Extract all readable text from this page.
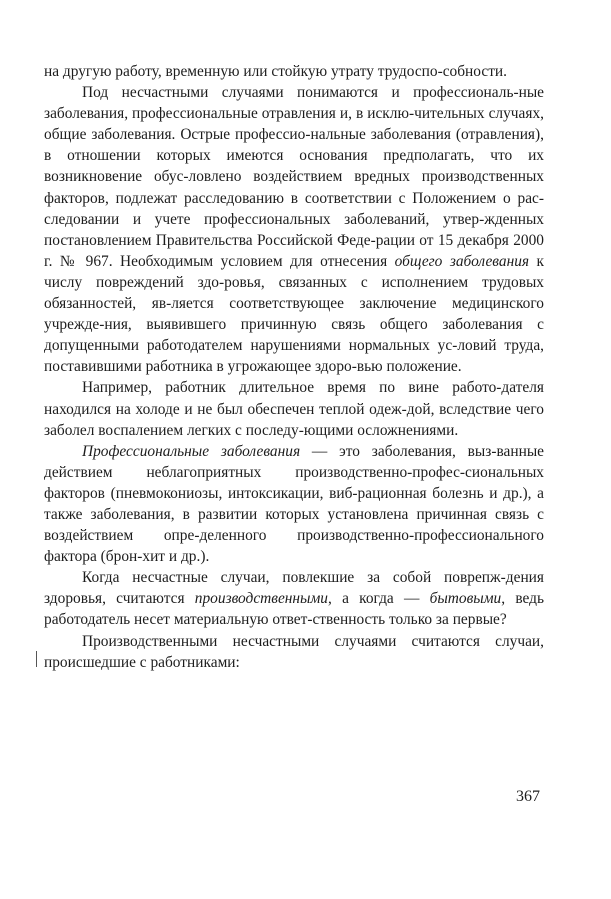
на другую работу, временную или стойкую утрату трудоспо-собности.

Под несчастными случаями понимаются и профессиональ-ные заболевания, профессиональные отравления и, в исклю-чительных случаях, общие заболевания. Острые профессио-нальные заболевания (отравления), в отношении которых имеются основания предполагать, что их возникновение обус-ловлено воздействием вредных производственных факторов, подлежат расследованию в соответствии с Положением о рас-следовании и учете профессиональных заболеваний, утвер-жденных постановлением Правительства Российской Феде-рации от 15 декабря 2000 г. № 967. Необходимым условием для отнесения общего заболевания к числу повреждений здо-ровья, связанных с исполнением трудовых обязанностей, яв-ляется соответствующее заключение медицинского учрежде-ния, выявившего причинную связь общего заболевания с допущенными работодателем нарушениями нормальных ус-ловий труда, поставившими работника в угрожающее здоро-вью положение.

Например, работник длительное время по вине работо-дателя находился на холоде и не был обеспечен теплой одеж-дой, вследствие чего заболел воспалением легких с последу-ющими осложнениями.

Профессиональные заболевания — это заболевания, выз-ванные действием неблагоприятных производственно-профес-сиональных факторов (пневмокониозы, интоксикации, виб-рационная болезнь и др.), а также заболевания, в развитии которых установлена причинная связь с воздействием опре-деленного производственно-профессионального фактора (брон-хит и др.).

Когда несчастные случаи, повлекшие за собой поврепж-дения здоровья, считаются производственными, а когда — бытовыми, ведь работодатель несет материальную ответ-ственность только за первые?

Производственными несчастными случаями считаются случаи, происшедшие с работниками:

367
